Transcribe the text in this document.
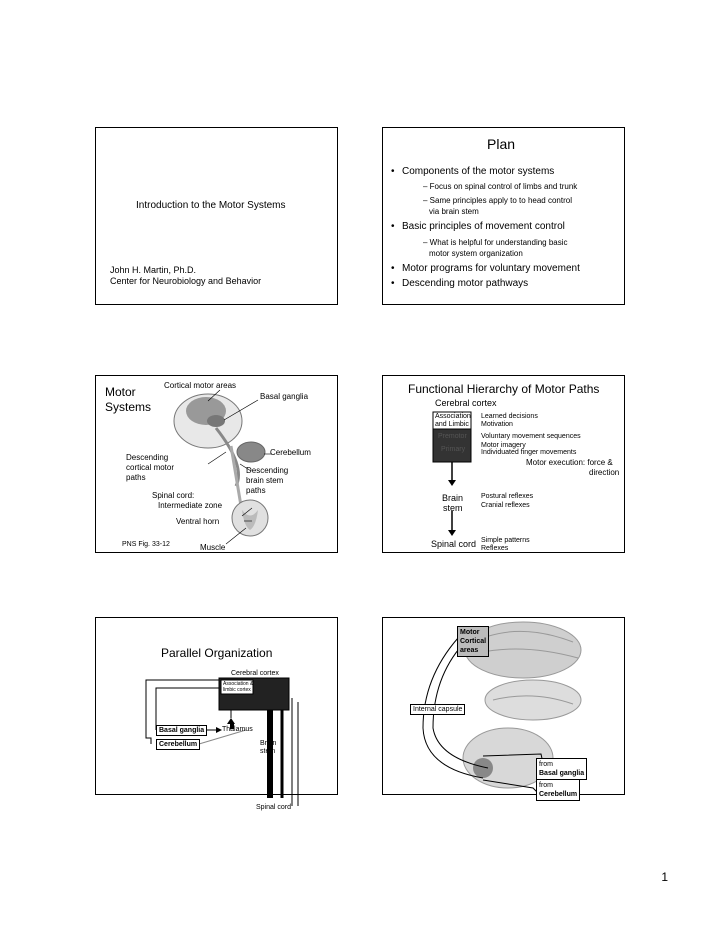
Introduction to the Motor Systems
John H. Martin, Ph.D.
Center for Neurobiology and Behavior
Plan
• Components of the motor systems
– Focus on spinal control of limbs and trunk
– Same principles apply to to head control
via brain stem
• Basic principles of movement control
– What is helpful for understanding basic
motor system organization
• Motor programs for voluntary movement
• Descending motor pathways
Motor
Systems
Cortical motor areas
Basal ganglia
Cerebellum
Descending
cortical motor
paths
Descending
brain stem
paths
Spinal cord:
Intermediate zone
Ventral horn
PNS Fig. 33-12	Muscle
Functional Hierarchy of Motor Paths
Cerebral cortex
Association
and Limbic
Premotor
Primary
Learned decisions
Motivation
Voluntary movement sequences
Motor imagery
Individuated finger movements
Motor execution: force &
direction
Brain
stem
Postural reflexes
Cranial reflexes
Spinal cord Simple patterns
Reflexes
Parallel Organization
Cerebral cortex
Association &
limbic cortex
Basal ganglia	Thalamus
Cerebellum	Brain
stem
Spinal cord
Motor
Cortical
areas
Internal capsule
from
Basal ganglia
from
Cerebellum
1
